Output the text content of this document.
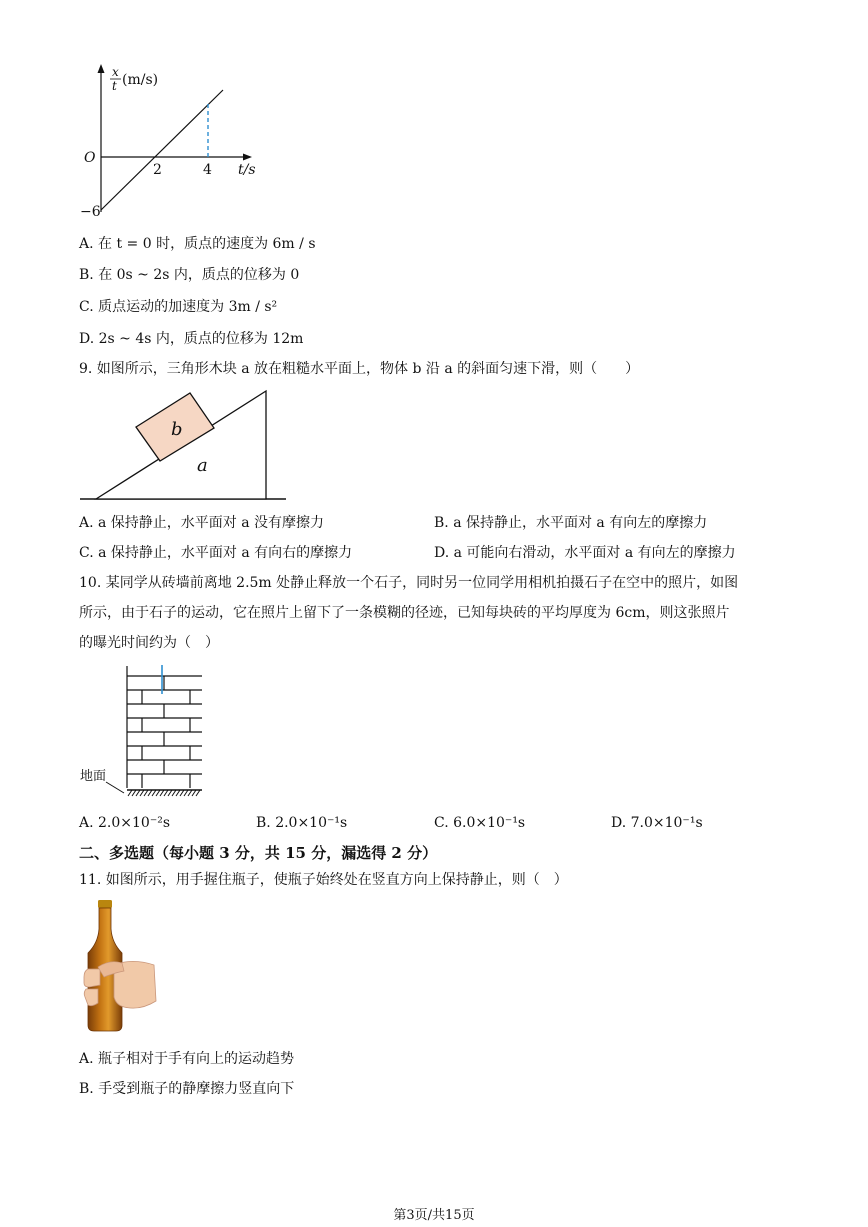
x
t (m/s)
O
2	4 t/s
−6
A. 在 t = 0 时，质点的速度为 6m / s
B. 在 0s ~ 2s 内，质点的位移为 0
C. 质点运动的加速度为 3m / s²
D. 2s ~ 4s 内，质点的位移为 12m
9. 如图所示，三角形木块 a 放在粗糙水平面上，物体 b 沿 a 的斜面匀速下滑，则（　　）
b
a
A. a 保持静止，水平面对 a 没有摩擦力	B. a 保持静止，水平面对 a 有向左的摩擦力
C. a 保持静止，水平面对 a 有向右的摩擦力	D. a 可能向右滑动，水平面对 a 有向左的摩擦力
10. 某同学从砖墙前离地 2.5m 处静止释放一个石子，同时另一位同学用相机拍摄石子在空中的照片，如图
所示，由于石子的运动，它在照片上留下了一条模糊的径迹，已知每块砖的平均厚度为 6cm，则这张照片
的曝光时间约为（　）
地面
A. 2.0×10⁻²s	B. 2.0×10⁻¹s	C. 6.0×10⁻¹s	D. 7.0×10⁻¹s
二、多选题（每小题 3 分，共 15 分，漏选得 2 分）
11. 如图所示，用手握住瓶子，使瓶子始终处在竖直方向上保持静止，则（　）
A. 瓶子相对于手有向上的运动趋势
B. 手受到瓶子的静摩擦力竖直向下
第3页/共15页
